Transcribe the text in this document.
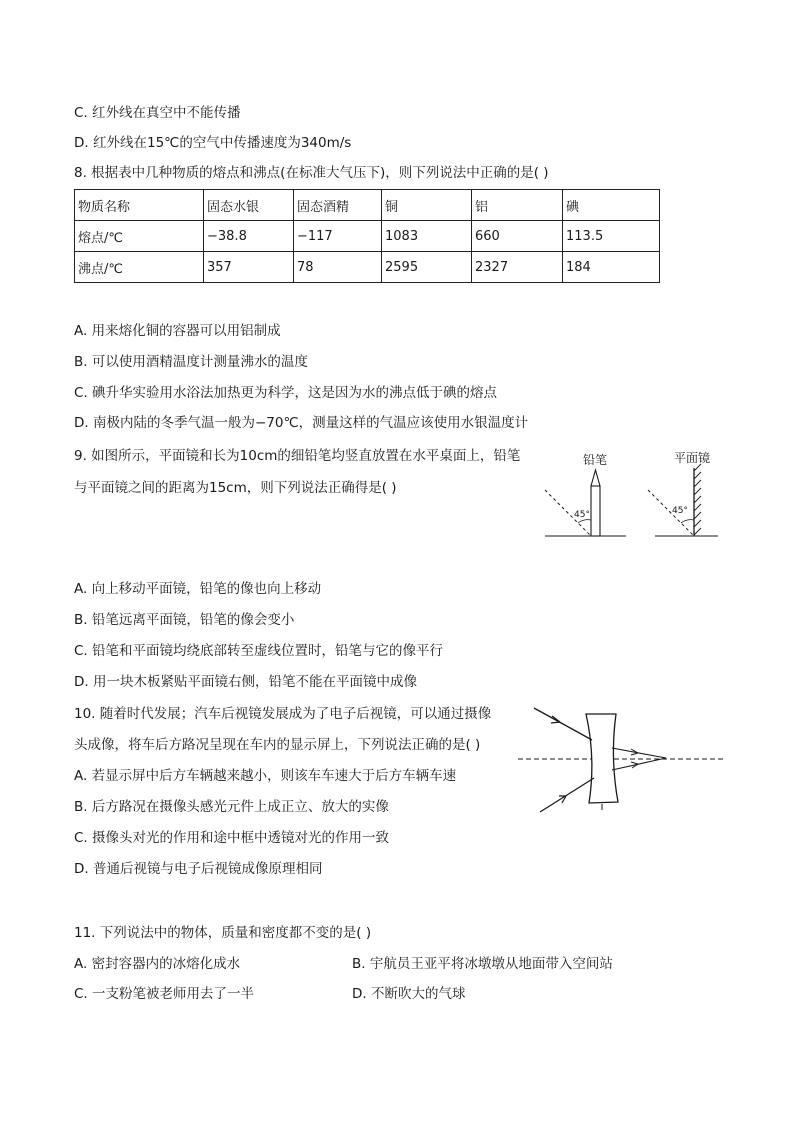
C. 红外线在真空中不能传播
D. 红外线在15℃的空气中传播速度为340m/s
8. 根据表中几种物质的熔点和沸点(在标准大气压下)，则下列说法中正确的是( )
物质名称	固态水银	固态酒精	铜	铝	碘
熔点/℃	−38.8	−117	1083	660	113.5
沸点/℃	357	78	2595	2327	184
A. 用来熔化铜的容器可以用铝制成
B. 可以使用酒精温度计测量沸水的温度
C. 碘升华实验用水浴法加热更为科学，这是因为水的沸点低于碘的熔点
D. 南极内陆的冬季气温一般为−70℃，测量这样的气温应该使用水银温度计
9. 如图所示，平面镜和长为10cm的细铅笔均竖直放置在水平桌面上，铅笔
与平面镜之间的距离为15cm，则下列说法正确得是( )
铅笔
45°
平面镜
45°
A. 向上移动平面镜，铅笔的像也向上移动
B. 铅笔远离平面镜，铅笔的像会变小
C. 铅笔和平面镜均绕底部转至虚线位置时，铅笔与它的像平行
D. 用一块木板紧贴平面镜右侧，铅笔不能在平面镜中成像
10. 随着时代发展；汽车后视镜发展成为了电子后视镜，可以通过摄像
头成像，将车后方路况呈现在车内的显示屏上，下列说法正确的是( )
A. 若显示屏中后方车辆越来越小，则该车车速大于后方车辆车速
B. 后方路况在摄像头感光元件上成正立、放大的实像
C. 摄像头对光的作用和途中框中透镜对光的作用一致
D. 普通后视镜与电子后视镜成像原理相同
11. 下列说法中的物体，质量和密度都不变的是( )
A. 密封容器内的冰熔化成水	B. 宇航员王亚平将冰墩墩从地面带入空间站
C. 一支粉笔被老师用去了一半	D. 不断吹大的气球
